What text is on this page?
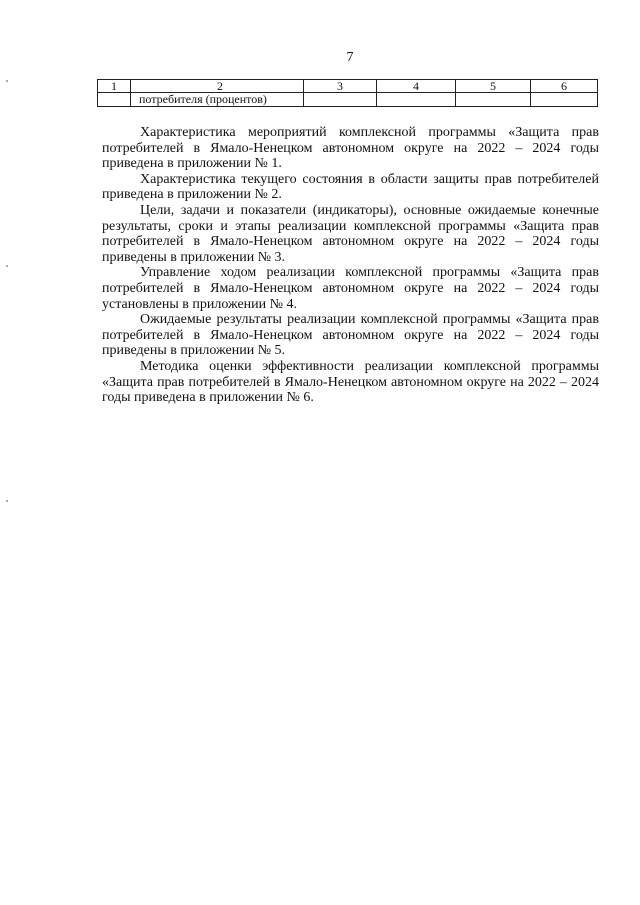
7
1	2	3	4	5	6
	потребителя (процентов)				

Характеристика мероприятий комплексной программы «Защита прав потребителей в Ямало-Ненецком автономном округе на 2022 – 2024 годы приведена в приложении № 1.

Характеристика текущего состояния в области защиты прав потребителей приведена в приложении № 2.

Цели, задачи и показатели (индикаторы), основные ожидаемые конечные результаты, сроки и этапы реализации комплексной программы «Защита прав потребителей в Ямало-Ненецком автономном округе на 2022 – 2024 годы приведены в приложении № 3.

Управление ходом реализации комплексной программы «Защита прав потребителей в Ямало-Ненецком автономном округе на 2022 – 2024 годы установлены в приложении № 4.

Ожидаемые результаты реализации комплексной программы «Защита прав потребителей в Ямало-Ненецком автономном округе на 2022 – 2024 годы приведены в приложении № 5.

Методика оценки эффективности реализации комплексной программы «Защита прав потребителей в Ямало-Ненецком автономном округе на 2022 – 2024 годы приведена в приложении № 6.
